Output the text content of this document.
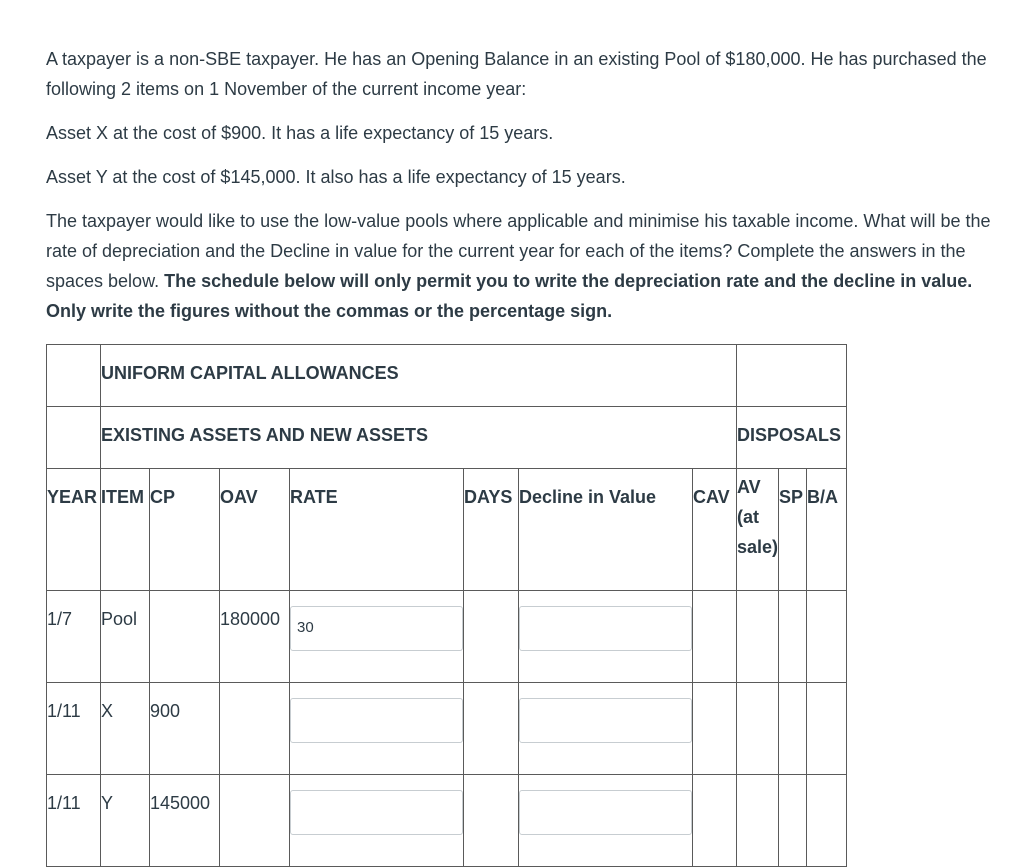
A taxpayer is a non-SBE taxpayer. He has an Opening Balance in an existing Pool of $180,000. He has purchased the following 2 items on 1 November of the current income year:

Asset X at the cost of $900. It has a life expectancy of 15 years.

Asset Y at the cost of $145,000. It also has a life expectancy of 15 years.

The taxpayer would like to use the low-value pools where applicable and minimise his taxable income. What will be the rate of depreciation and the Decline in value for the current year for each of the items? Complete the answers in the spaces below. The schedule below will only permit you to write the depreciation rate and the decline in value. Only write the figures without the commas or the percentage sign.

	UNIFORM CAPITAL ALLOWANCES									

	EXISTING ASSETS AND NEW ASSETS							DISPOSALS		

YEAR	ITEM	CP	OAV	RATE	DAYS	Decline in Value	CAV	AV (at sale)	SP	B/A

1/7	Pool		180000	30						

1/11	X	900								

1/11	Y	145000								
